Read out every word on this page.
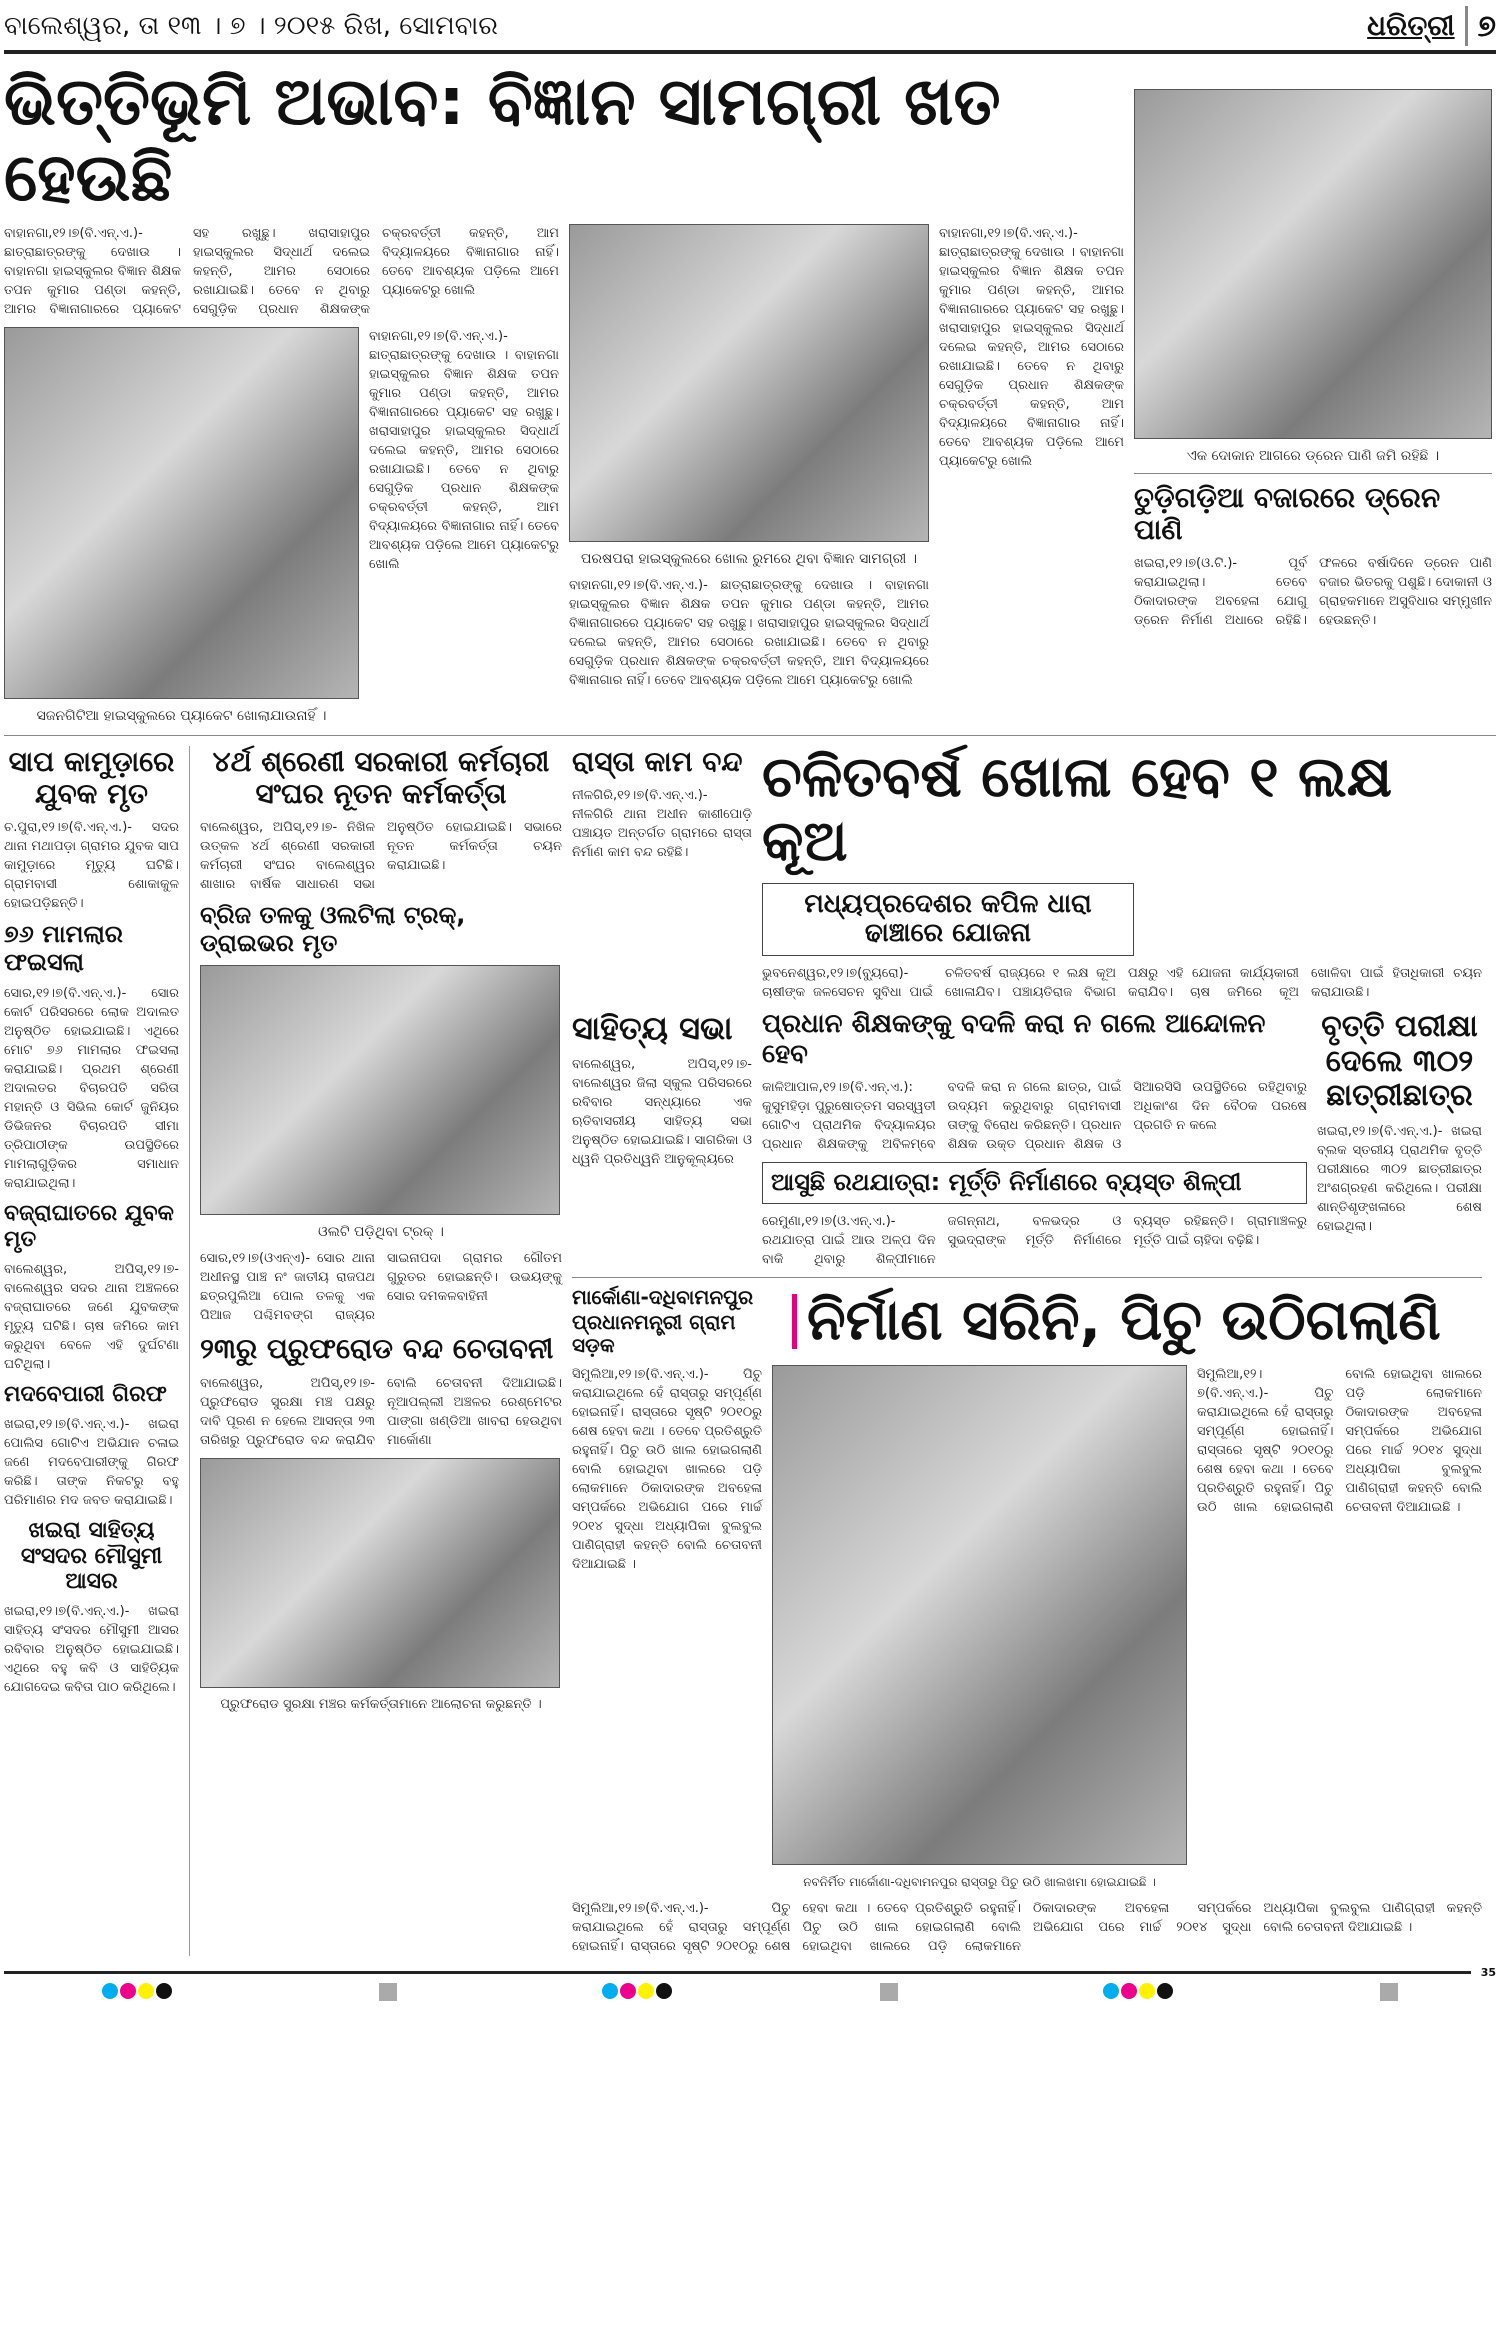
ବାଲେଶ୍ୱର, ତା ୧୩ । ୭ । ୨୦୧୫ ରିଖ, ସୋମବାର	ଧରିତ୍ରୀ ୭
ଭିତ୍ତିଭୂମି ଅଭାବ: ବିଜ୍ଞାନ ସାମଗ୍ରୀ ଖତ ହେଉଛି
ବାହାନଗା,୧୨।୭(ବି.ଏନ୍.ଏ.)- ଛାତ୍ରାଛାତ୍ରଙ୍କୁ ଦେଖାଉ । ବାହାନଗା ହାଇସ୍କୁଲର ବିଜ୍ଞାନ ଶିକ୍ଷକ ତପନ କୁମାର ପଣ୍ଡା କହନ୍ତି, ଆମର ବିଜ୍ଞାନାଗାରରେ ପ୍ୟାକେଟ ସହ ରଖୁଛୁ। ଖରାସାହାପୁର ହାଇସ୍କୁଲର ସିଦ୍ଧାର୍ଥ ଦଲେଇ କହନ୍ତି, ଆମର ସେଠାରେ ରଖାଯାଇଛି। ତେବେ ନ ଥିବାରୁ ସେଗୁଡ଼ିକ ପ୍ରଧାନ ଶିକ୍ଷକଙ୍କ ଚକ୍ରବର୍ତ୍ତୀ କହନ୍ତି, ଆମ ବିଦ୍ୟାଳୟରେ ବିଜ୍ଞାନାଗାର ନାହିଁ। ତେବେ ଆବଶ୍ୟକ ପଡ଼ିଲେ ଆମେ ପ୍ୟାକେଟରୁ ଖୋଲି
ସଜନଗିଟିଆ ହାଇସ୍କୁଲରେ ପ୍ୟାକେଟ ଖୋଲାଯାଉନାହିଁ ।
ବାହାନଗା,୧୨।୭(ବି.ଏନ୍.ଏ.)- ଛାତ୍ରାଛାତ୍ରଙ୍କୁ ଦେଖାଉ । ବାହାନଗା ହାଇସ୍କୁଲର ବିଜ୍ଞାନ ଶିକ୍ଷକ ତପନ କୁମାର ପଣ୍ଡା କହନ୍ତି, ଆମର ବିଜ୍ଞାନାଗାରରେ ପ୍ୟାକେଟ ସହ ରଖୁଛୁ। ଖରାସାହାପୁର ହାଇସ୍କୁଲର ସିଦ୍ଧାର୍ଥ ଦଲେଇ କହନ୍ତି, ଆମର ସେଠାରେ ରଖାଯାଇଛି। ତେବେ ନ ଥିବାରୁ ସେଗୁଡ଼ିକ ପ୍ରଧାନ ଶିକ୍ଷକଙ୍କ ଚକ୍ରବର୍ତ୍ତୀ କହନ୍ତି, ଆମ ବିଦ୍ୟାଳୟରେ ବିଜ୍ଞାନାଗାର ନାହିଁ। ତେବେ ଆବଶ୍ୟକ ପଡ଼ିଲେ ଆମେ ପ୍ୟାକେଟରୁ ଖୋଲି	ପରଷପରା ହାଇସ୍କୁଲରେ ଖୋଲ ରୁମରେ ଥିବା ବିଜ୍ଞାନ ସାମଗ୍ରୀ ।
ବାହାନଗା,୧୨।୭(ବି.ଏନ୍.ଏ.)- ଛାତ୍ରାଛାତ୍ରଙ୍କୁ ଦେଖାଉ । ବାହାନଗା ହାଇସ୍କୁଲର ବିଜ୍ଞାନ ଶିକ୍ଷକ ତପନ କୁମାର ପଣ୍ଡା କହନ୍ତି, ଆମର ବିଜ୍ଞାନାଗାରରେ ପ୍ୟାକେଟ ସହ ରଖୁଛୁ। ଖରାସାହାପୁର ହାଇସ୍କୁଲର ସିଦ୍ଧାର୍ଥ ଦଲେଇ କହନ୍ତି, ଆମର ସେଠାରେ ରଖାଯାଇଛି। ତେବେ ନ ଥିବାରୁ ସେଗୁଡ଼ିକ ପ୍ରଧାନ ଶିକ୍ଷକଙ୍କ ଚକ୍ରବର୍ତ୍ତୀ କହନ୍ତି, ଆମ ବିଦ୍ୟାଳୟରେ ବିଜ୍ଞାନାଗାର ନାହିଁ। ତେବେ ଆବଶ୍ୟକ ପଡ଼ିଲେ ଆମେ ପ୍ୟାକେଟରୁ ଖୋଲି
ବାହାନଗା,୧୨।୭(ବି.ଏନ୍.ଏ.)- ଛାତ୍ରାଛାତ୍ରଙ୍କୁ ଦେଖାଉ । ବାହାନଗା ହାଇସ୍କୁଲର ବିଜ୍ଞାନ ଶିକ୍ଷକ ତପନ କୁମାର ପଣ୍ଡା କହନ୍ତି, ଆମର ବିଜ୍ଞାନାଗାରରେ ପ୍ୟାକେଟ ସହ ରଖୁଛୁ। ଖରାସାହାପୁର ହାଇସ୍କୁଲର ସିଦ୍ଧାର୍ଥ ଦଲେଇ କହନ୍ତି, ଆମର ସେଠାରେ ରଖାଯାଇଛି। ତେବେ ନ ଥିବାରୁ ସେଗୁଡ଼ିକ ପ୍ରଧାନ ଶିକ୍ଷକଙ୍କ ଚକ୍ରବର୍ତ୍ତୀ କହନ୍ତି, ଆମ ବିଦ୍ୟାଳୟରେ ବିଜ୍ଞାନାଗାର ନାହିଁ। ତେବେ ଆବଶ୍ୟକ ପଡ଼ିଲେ ଆମେ ପ୍ୟାକେଟରୁ ଖୋଲି	ଏକ ଦୋକାନ ଆଗରେ ଡ୍ରେନ ପାଣି ଜମି ରହିଛି ।
ତୁଡ଼ିଗଡ଼ିଆ ବଜାରରେ ଡ୍ରେନ ପାଣି
ଖଇରା,୧୨।୭(ଓ.ଟି.)- ପୂର୍ବ କରାଯାଇଥିଲା। ତେବେ ଠିକାଦାରଙ୍କ ଅବହେଳା ଯୋଗୁ ଡ୍ରେନ ନିର୍ମାଣ ଅଧାରେ ରହିଛି। ଫଳରେ ବର୍ଷାଦିନେ ଡ୍ରେନ ପାଣି ବଜାର ଭିତରକୁ ପଶୁଛି। ଦୋକାନୀ ଓ ଗ୍ରାହକମାନେ ଅସୁବିଧାର ସମ୍ମୁଖୀନ ହେଉଛନ୍ତି।
ସାପ କାମୁଡ଼ାରେ ଯୁବକ ମୃତ
ଚ.ପୁରା,୧୨।୭(ବି.ଏନ୍.ଏ.)- ସଦର ଥାନା ମଥାପଡ଼ା ଗ୍ରାମର ଯୁବକ ସାପ କାମୁଡ଼ାରେ ମୃତ୍ୟୁ ଘଟିଛି। ଗ୍ରାମବାସୀ ଶୋକାକୁଳ ହୋଇପଡ଼ିଛନ୍ତି।
୭୬ ମାମଲାର ଫଇସଲା
ସୋର,୧୨।୭(ବି.ଏନ୍.ଏ.)- ସୋର କୋର୍ଟ ପରିସରରେ ଲୋକ ଅଦାଲତ ଅନୁଷ୍ଠିତ ହୋଇଯାଇଛି। ଏଥିରେ ମୋଟ ୭୬ ମାମଲାର ଫଇସଲା କରାଯାଇଛି। ପ୍ରଥମ ଶ୍ରେଣୀ ଅଦାଲତର ବିଚାରପତି ସରିତା ମହାନ୍ତି ଓ ସିଭିଲ କୋର୍ଟ ଜୁନିୟର ଡିଭିଜନର ବିଚାରପତି ସୀମା ତ୍ରିପାଠୀଙ୍କ ଉପସ୍ଥିତିରେ ମାମଲାଗୁଡ଼ିକର ସମାଧାନ କରାଯାଇଥିଲା।
ବଜ୍ରାଘାତରେ ଯୁବକ ମୃତ
ବାଲେଶ୍ୱର, ଅପିସ୍,୧୨।୭- ବାଲେଶ୍ୱର ସଦର ଥାନା ଅଞ୍ଚଳରେ ବଜ୍ରାଘାତରେ ଜଣେ ଯୁବକଙ୍କ ମୃତ୍ୟୁ ଘଟିଛି। ଚାଷ ଜମିରେ କାମ କରୁଥିବା ବେଳେ ଏହି ଦୁର୍ଘଟଣା ଘଟିଥିଲା।
ମଦବେପାରୀ ଗିରଫ
ଖଇରା,୧୨।୭(ବି.ଏନ୍.ଏ.)- ଖଇରା ପୋଲିସ ଗୋଟିଏ ଅଭିଯାନ ଚଳାଇ ଜଣେ ମଦବେପାରୀଙ୍କୁ ଗିରଫ କରିଛି। ତାଙ୍କ ନିକଟରୁ ବହୁ ପରିମାଣର ମଦ ଜବତ କରାଯାଇଛି।
ଖଇରା ସାହିତ୍ୟ ସଂସଦର ମୌସୁମୀ ଆସର
ଖଇରା,୧୨।୭(ବି.ଏନ୍.ଏ.)- ଖଇରା ସାହିତ୍ୟ ସଂସଦର ମୌସୁମୀ ଆସର ରବିବାର ଅନୁଷ୍ଠିତ ହୋଇଯାଇଛି। ଏଥିରେ ବହୁ କବି ଓ ସାହିତ୍ୟିକ ଯୋଗଦେଇ କବିତା ପାଠ କରିଥିଲେ।
୪ର୍ଥ ଶ୍ରେଣୀ ସରକାରୀ କର୍ମଚାରୀ ସଂଘର ନୂତନ କର୍ମକର୍ତ୍ତା
ବାଲେଶ୍ୱର, ଅପିସ୍,୧୨।୭- ନିଖିଳ ଉତ୍କଳ ୪ର୍ଥ ଶ୍ରେଣୀ ସରକାରୀ କର୍ମଚାରୀ ସଂଘର ବାଲେଶ୍ୱର ଶାଖାର ବାର୍ଷିକ ସାଧାରଣ ସଭା ଅନୁଷ୍ଠିତ ହୋଇଯାଇଛି। ସଭାରେ ନୂତନ କର୍ମକର୍ତ୍ତା ଚୟନ କରାଯାଇଛି।
ବ୍ରିଜ ତଳକୁ ଓଲଟିଲା ଟ୍ରକ୍, ଡ୍ରାଇଭର ମୃତ
ଓଲଟି ପଡ଼ିଥିବା ଟ୍ରକ୍ ।
ସୋର,୧୨।୭(ଓଏନ୍ଏ)- ସୋର ଥାନା ଅଧୀନସ୍ଥ ପାଞ୍ଚ ନଂ ଜାତୀୟ ରାଜପଥ ଛତ୍ରପୁଲିଆ ପୋଲ ତଳକୁ ଏକ ପିଆଜ ପଶ୍ଚିମବଙ୍ଗ ରାଜ୍ୟର ସାଇନାପଦା ଗ୍ରାମର ଗୌତମ ଗୁରୁତର ହୋଇଛନ୍ତି। ଉଭୟଙ୍କୁ ସୋର ଦମକଳବାହିନୀ
୨୩ରୁ ପ୍ରୁଫରୋଡ ବନ୍ଦ ଚେତାବନୀ
ବାଲେଶ୍ୱର, ଅପିସ୍,୧୨।୭- ପ୍ରୁଫରୋଡ ସୁରକ୍ଷା ମଞ୍ଚ ପକ୍ଷରୁ ଦାବି ପୂରଣ ନ ହେଲେ ଆସନ୍ତା ୨୩ ତାରିଖରୁ ପ୍ରୁଫରୋଡ ବନ୍ଦ କରାଯିବ ବୋଲି ଚେତାବନୀ ଦିଆଯାଇଛି। ନୂଆପଲ୍ଲୀ ଅଞ୍ଚଳର ରେଶ୍ମେଟର ପାଙ୍ଗା ଖଣ୍ଡିଆ ଖାବରା ହେଉଥିବା ମାର୍କୋଣା
ପ୍ରୁଫରୋଡ ସୁରକ୍ଷା ମଞ୍ଚର କର୍ମକର୍ତ୍ତାମାନେ ଆଲୋଚନା କରୁଛନ୍ତି ।
ରାସ୍ତା କାମ ବନ୍ଦ
ନୀଳଗିରି,୧୨।୭(ବି.ଏନ୍.ଏ.)- ନୀଳଗିରି ଥାନା ଅଧୀନ କାଶୀପୋଡ଼ି ପଞ୍ଚାୟତ ଅନ୍ତର୍ଗତ ଗ୍ରାମରେ ରାସ୍ତା ନିର୍ମାଣ କାମ ବନ୍ଦ ରହିଛି।
ଚଳିତବର୍ଷ ଖୋଳା ହେବ ୧ ଲକ୍ଷ କୂଅ
ମଧ୍ୟପ୍ରଦେଶର କପିଳ ଧାରା ଢାଞ୍ଚାରେ ଯୋଜନା
ଭୁବନେଶ୍ୱର,୧୨।୭(ବ୍ୟୁରୋ)- ଚାଷୀଙ୍କ ଜଳସେଚନ ସୁବିଧା ପାଇଁ ଚଳିତବର୍ଷ ରାଜ୍ୟରେ ୧ ଲକ୍ଷ କୂଅ ଖୋଳାଯିବ। ପଞ୍ଚାୟତିରାଜ ବିଭାଗ ପକ୍ଷରୁ ଏହି ଯୋଜନା କାର୍ଯ୍ୟକାରୀ କରାଯିବ। ଚାଷ ଜମିରେ କୂଅ ଖୋଳିବା ପାଇଁ ହିତାଧିକାରୀ ଚୟନ କରାଯାଉଛି।
ସାହିତ୍ୟ ସଭା
ବାଲେଶ୍ୱର, ଅପିସ୍,୧୨।୭- ବାଲେଶ୍ୱର ଜିଲା ସ୍କୁଲ ପରିସରରେ ରବିବାର ସନ୍ଧ୍ୟାରେ ଏକ ଋତିବାସରୀୟ ସାହିତ୍ୟ ସଭା ଅନୁଷ୍ଠିତ ହୋଇଯାଇଛି। ସାଗରିକା ଓ ଧ୍ୱନି ପ୍ରତିଧ୍ୱନି ଆନୁକୂଲ୍ୟରେ
ପ୍ରଧାନ ଶିକ୍ଷକଙ୍କୁ ବଦଳି କରା ନ ଗଲେ ଆନ୍ଦୋଳନ ହେବ
କାଳିଆପାଳ,୧୨।୭(ବି.ଏନ୍.ଏ.): କୁସୁମହିଡ଼ା ପୁରୁଷୋତ୍ତମ ସରସ୍ୱତୀ ଗୋଟିଏ ପ୍ରାଥମିକ ବିଦ୍ୟାଳୟର ପ୍ରଧାନ ଶିକ୍ଷକଙ୍କୁ ଅବିଳମ୍ବେ ବଦଳି କରା ନ ଗଲେ ଛାତ୍ର, ପାଇଁ ଉଦ୍ୟମ କରୁଥିବାରୁ ଗ୍ରାମବାସୀ ତାଙ୍କୁ ବିରୋଧ କରିଛନ୍ତି। ପ୍ରଧାନ ଶିକ୍ଷକ ଉକ୍ତ ପ୍ରଧାନ ଶିକ୍ଷକ ଓ ସିଆରସିସି ଉପସ୍ଥିତିରେ ରହିଥିବାରୁ ଅଧିକାଂଶ ଦିନ ବୈଠକ ପରଷେ ପ୍ରଗତି ନ କଲେ
ଆସୁଛି ରଥଯାତ୍ରା: ମୂର୍ତ୍ତି ନିର୍ମାଣରେ ବ୍ୟସ୍ତ ଶିଳ୍ପୀ
ରେମୁଣା,୧୨।୭(ଓ.ଏନ୍.ଏ.)- ରଥଯାତ୍ରା ପାଇଁ ଆଉ ଅଳ୍ପ ଦିନ ବାକି ଥିବାରୁ ଶିଳ୍ପୀମାନେ ଜଗନ୍ନାଥ, ବଳଭଦ୍ର ଓ ସୁଭଦ୍ରାଙ୍କ ମୂର୍ତ୍ତି ନିର୍ମାଣରେ ବ୍ୟସ୍ତ ରହିଛନ୍ତି। ଗ୍ରାମାଞ୍ଚଳରୁ ମୂର୍ତ୍ତି ପାଇଁ ଚାହିଦା ବଢ଼ିଛି।
ବୃତ୍ତି ପରୀକ୍ଷା ଦେଲେ ୩୦୨ ଛାତ୍ରୀଛାତ୍ର
ଖଇରା,୧୨।୭(ବି.ଏନ୍.ଏ.)- ଖଇରା ବ୍ଲକ ସ୍ତରୀୟ ପ୍ରାଥମିକ ବୃତ୍ତି ପରୀକ୍ଷାରେ ୩୦୨ ଛାତ୍ରୀଛାତ୍ର ଅଂଶଗ୍ରହଣ କରିଥିଲେ। ପରୀକ୍ଷା ଶାନ୍ତିଶୃଙ୍ଖଳାରେ ଶେଷ ହୋଇଥିଲା।
ମାର୍କୋଣା-ଦଧିବାମନପୁର
ପ୍ରଧାନମନ୍ତ୍ରୀ ଗ୍ରାମ ସଡ଼କ	ନିର୍ମାଣ ସରିନି, ପିଚୁ ଉଠିଗଲାଣି
ସିମୁଲିଆ,୧୨।୭(ବି.ଏନ୍.ଏ.)- ପିଚୁ କରାଯାଇଥିଲେ ହେଁ ରାସ୍ତାରୁ ସମ୍ପୂର୍ଣ୍ଣ ହୋଇନାହିଁ। ରାସ୍ତାରେ ସୃଷ୍ଟି ୨୦୧୦ରୁ ଶେଷ ହେବା କଥା । ତେବେ ପ୍ରତିଶ୍ରୁତି ରହୁନାହିଁ। ପିଚୁ ଉଠି ଖାଲ ହୋଇଗଲାଣି ବୋଲି ହୋଇଥିବା ଖାଲରେ ପଡ଼ି ଲୋକମାନେ ଠିକାଦାରଙ୍କ ଅବହେଳା ସମ୍ପର୍କରେ ଅଭିଯୋଗ ପରେ ମାର୍ଚ୍ଚ ୨୦୧୪ ସୁଦ୍ଧା ଅଧ୍ୟାପିକା ବୁଲବୁଲ ପାଣିଗ୍ରାହୀ କହନ୍ତି ବୋଲି ଚେତାବନୀ ଦିଆଯାଇଛି ।
ନବନିର୍ମିତ ମାର୍କୋଣା-ଦଧିବାମନପୁର ରାସ୍ତାରୁ ପିଚୁ ଉଠି ଖାଲଖମା ହୋଇଯାଇଛି ।
ସିମୁଲିଆ,୧୨।୭(ବି.ଏନ୍.ଏ.)- ପିଚୁ କରାଯାଇଥିଲେ ହେଁ ରାସ୍ତାରୁ ସମ୍ପୂର୍ଣ୍ଣ ହୋଇନାହିଁ। ରାସ୍ତାରେ ସୃଷ୍ଟି ୨୦୧୦ରୁ ଶେଷ ହେବା କଥା । ତେବେ ପ୍ରତିଶ୍ରୁତି ରହୁନାହିଁ। ପିଚୁ ଉଠି ଖାଲ ହୋଇଗଲାଣି ବୋଲି ହୋଇଥିବା ଖାଲରେ ପଡ଼ି ଲୋକମାନେ ଠିକାଦାରଙ୍କ ଅବହେଳା ସମ୍ପର୍କରେ ଅଭିଯୋଗ ପରେ ମାର୍ଚ୍ଚ ୨୦୧୪ ସୁଦ୍ଧା ଅଧ୍ୟାପିକା ବୁଲବୁଲ ପାଣିଗ୍ରାହୀ କହନ୍ତି ବୋଲି ଚେତାବନୀ ଦିଆଯାଇଛି ।
ସିମୁଲିଆ,୧୨।୭(ବି.ଏନ୍.ଏ.)- ପିଚୁ କରାଯାଇଥିଲେ ହେଁ ରାସ୍ତାରୁ ସମ୍ପୂର୍ଣ୍ଣ ହୋଇନାହିଁ। ରାସ୍ତାରେ ସୃଷ୍ଟି ୨୦୧୦ରୁ ଶେଷ ହେବା କଥା । ତେବେ ପ୍ରତିଶ୍ରୁତି ରହୁନାହିଁ। ପିଚୁ ଉଠି ଖାଲ ହୋଇଗଲାଣି ବୋଲି ହୋଇଥିବା ଖାଲରେ ପଡ଼ି ଲୋକମାନେ ଠିକାଦାରଙ୍କ ଅବହେଳା ସମ୍ପର୍କରେ ଅଭିଯୋଗ ପରେ ମାର୍ଚ୍ଚ ୨୦୧୪ ସୁଦ୍ଧା ଅଧ୍ୟାପିକା ବୁଲବୁଲ ପାଣିଗ୍ରାହୀ କହନ୍ତି ବୋଲି ଚେତାବନୀ ଦିଆଯାଇଛି ।
35
